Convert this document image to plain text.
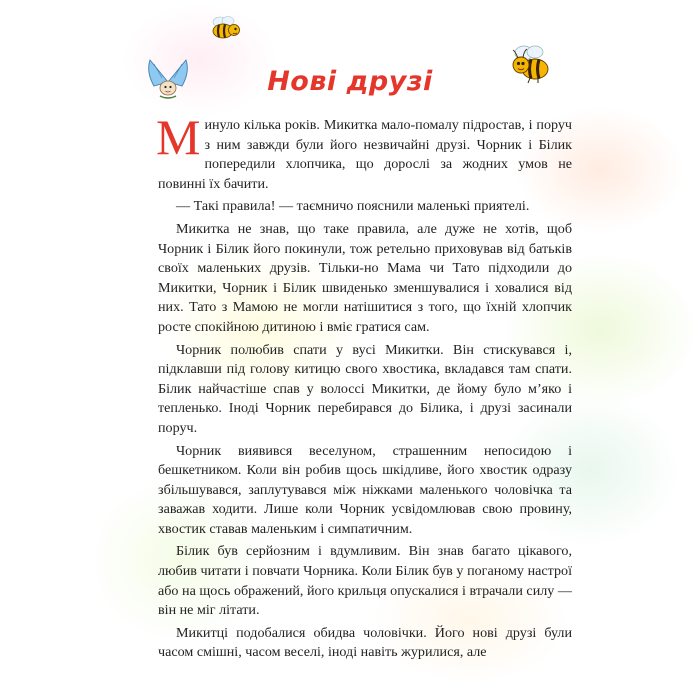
Нові друзі

Минуло кілька років. Микитка мало-помалу підростав, і поруч з ним завжди були його незвичайні друзі. Чорник і Білик попередили хлопчика, що дорослі за жодних умов не повинні їх бачити.

— Такі правила! — таємничо пояснили маленькі приятелі.

Микитка не знав, що таке правила, але дуже не хотів, щоб Чорник і Білик його покинули, тож ретельно приховував від батьків своїх маленьких друзів. Тільки-но Мама чи Тато підходили до Микитки, Чорник і Білик швиденько зменшувалися і ховалися від них. Тато з Мамою не могли натішитися з того, що їхній хлопчик росте спокійною дитиною і вміє гратися сам.

Чорник полюбив спати у вусі Микитки. Він стискувався і, підклавши під голову китицю свого хвостика, вкладався там спати. Білик найчастіше спав у волоссі Микитки, де йому було м’яко і тепленько. Іноді Чорник перебирався до Білика, і друзі засинали поруч.

Чорник виявився веселуном, страшенним непосидою і бешкетником. Коли він робив щось шкідливе, його хвостик одразу збільшувався, заплутувався між ніжками маленького чоловічка та заважав ходити. Лише коли Чорник усвідомлював свою провину, хвостик ставав маленьким і симпатичним.

Білик був серйозним і вдумливим. Він знав багато цікавого, любив читати і повчати Чорника. Коли Білик був у поганому настрої або на щось ображений, його крильця опускалися і втрачали силу — він не міг літати.

Микитці подобалися обидва чоловічки. Його нові друзі були часом смішні, часом веселі, іноді навіть журилися, але
